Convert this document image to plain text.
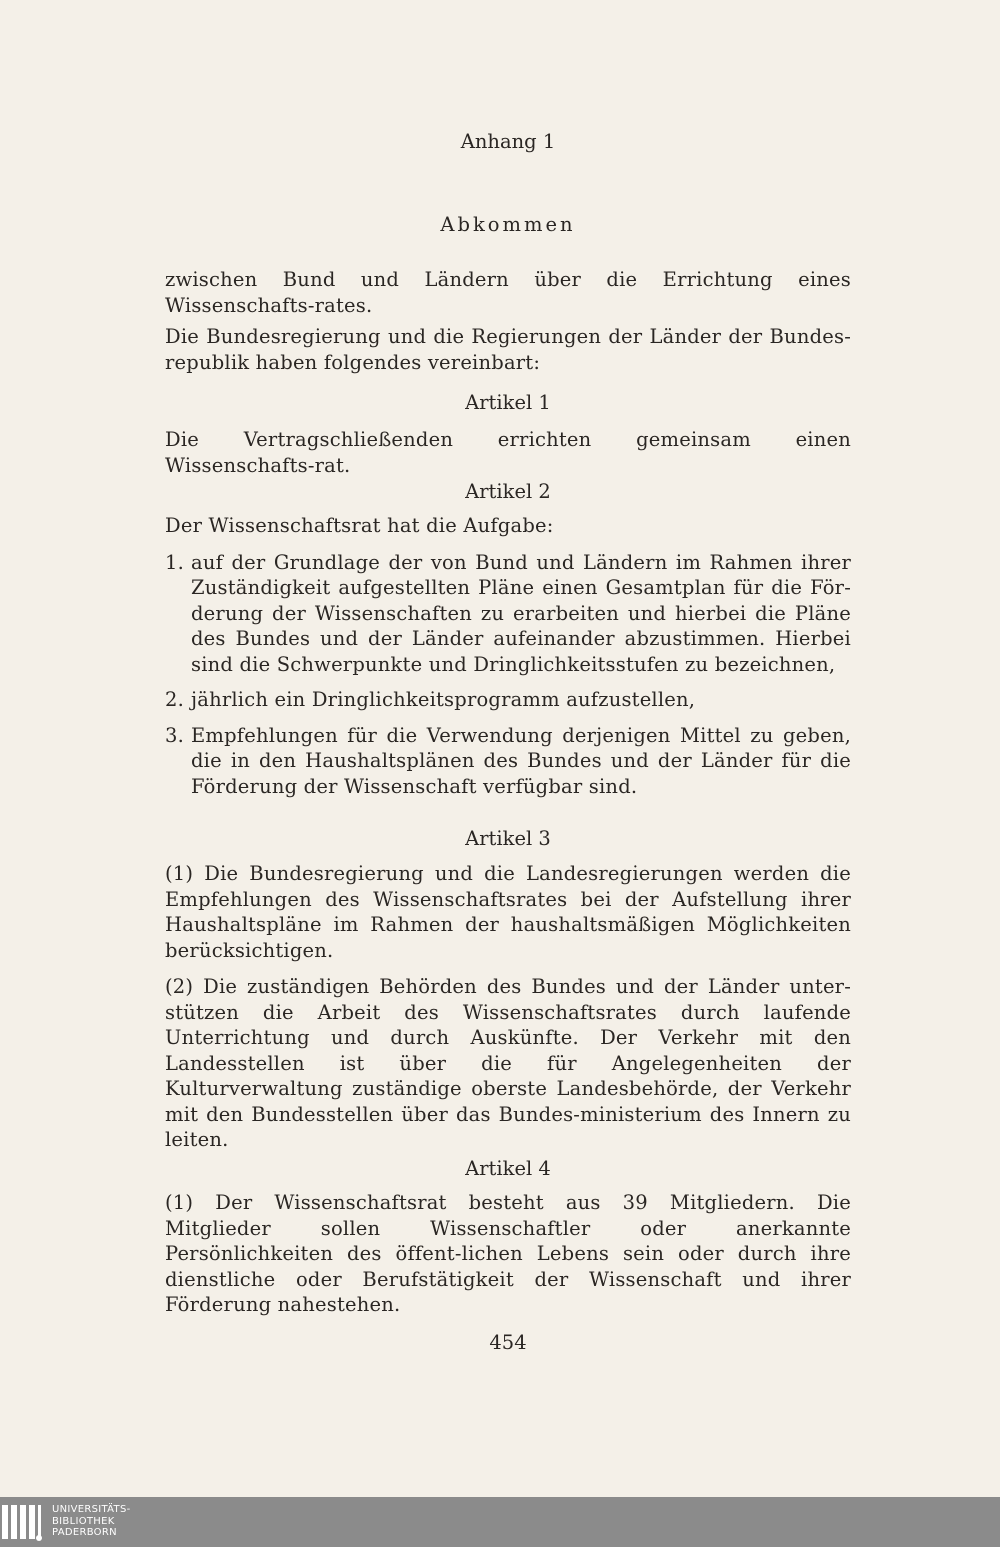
Anhang 1
Abkommen

zwischen Bund und Ländern über die Errichtung eines Wissenschafts-rates.

Die Bundesregierung und die Regierungen der Länder der Bundes-republik haben folgendes vereinbart:

Artikel 1

Die Vertragschließenden errichten gemeinsam einen Wissenschafts-rat.

Artikel 2

Der Wissenschaftsrat hat die Aufgabe:

1. auf der Grundlage der von Bund und Ländern im Rahmen ihrer Zuständigkeit aufgestellten Pläne einen Gesamtplan für die För-derung der Wissenschaften zu erarbeiten und hierbei die Pläne des Bundes und der Länder aufeinander abzustimmen. Hierbei sind die Schwerpunkte und Dringlichkeitsstufen zu bezeichnen,
2. jährlich ein Dringlichkeitsprogramm aufzustellen,
3. Empfehlungen für die Verwendung derjenigen Mittel zu geben, die in den Haushaltsplänen des Bundes und der Länder für die Förderung der Wissenschaft verfügbar sind.
Artikel 3

(1) Die Bundesregierung und die Landesregierungen werden die Empfehlungen des Wissenschaftsrates bei der Aufstellung ihrer Haushaltspläne im Rahmen der haushaltsmäßigen Möglichkeiten berücksichtigen.

(2) Die zuständigen Behörden des Bundes und der Länder unter-stützen die Arbeit des Wissenschaftsrates durch laufende Unterrichtung und durch Auskünfte. Der Verkehr mit den Landesstellen ist über die für Angelegenheiten der Kulturverwaltung zuständige oberste Landesbehörde, der Verkehr mit den Bundesstellen über das Bundes-ministerium des Innern zu leiten.

Artikel 4

(1) Der Wissenschaftsrat besteht aus 39 Mitgliedern. Die Mitglieder sollen Wissenschaftler oder anerkannte Persönlichkeiten des öffent-lichen Lebens sein oder durch ihre dienstliche oder Berufstätigkeit der Wissenschaft und ihrer Förderung nahestehen.

454
UNIVERSITÄTS-
BIBLIOTHEK
PADERBORN
